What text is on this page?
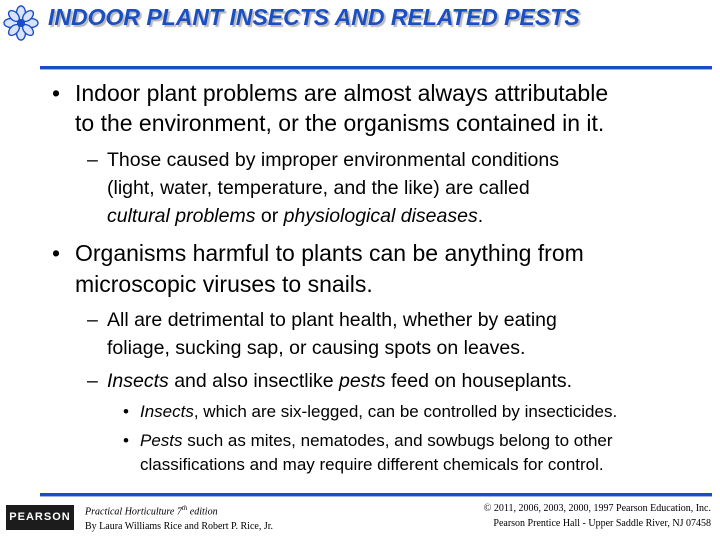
INDOOR PLANT INSECTS AND RELATED PESTS
• Indoor plant problems are almost always attributable
to the environment, or the organisms contained in it.
– Those caused by improper environmental conditions
(light, water, temperature, and the like) are called
cultural problems or physiological diseases.
• Organisms harmful to plants can be anything from
microscopic viruses to snails.
– All are detrimental to plant health, whether by eating
foliage, sucking sap, or causing spots on leaves.
– Insects and also insectlike pests feed on houseplants.
• Insects, which are six-legged, can be controlled by insecticides.
• Pests such as mites, nematodes, and sowbugs belong to other
classifications and may require different chemicals for control.
PEARSON	Practical Horticulture 7th edition
By Laura Williams Rice and Robert P. Rice, Jr.
© 2011, 2006, 2003, 2000, 1997 Pearson Education, Inc.
Pearson Prentice Hall - Upper Saddle River, NJ 07458
